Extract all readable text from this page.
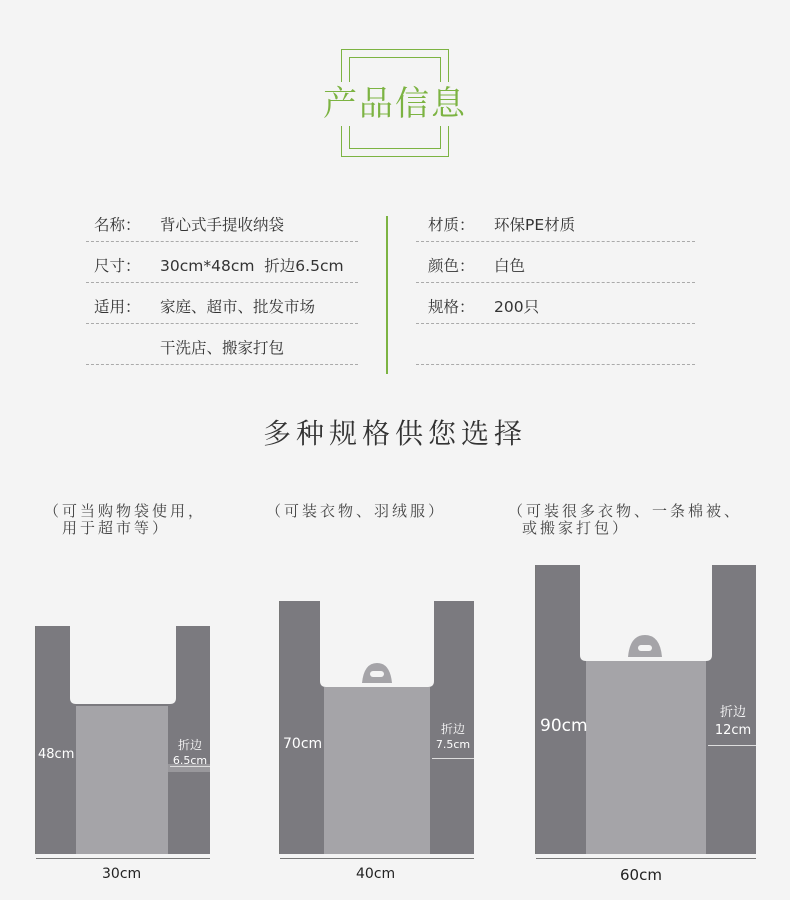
产品信息
名称： 背心式手提收纳袋
尺寸： 30cm*48cm  折边6.5cm
适用： 家庭、超市、批发市场
干洗店、搬家打包
材质： 环保PE材质
颜色： 白色
规格： 200只
多种规格供您选择
（可当购物袋使用，
用于超市等）
（可装衣物、羽绒服）	（可装很多衣物、一条棉被、
或搬家打包）
48cm
折边
6.5cm
30cm
70cm
折边
7.5cm
40cm
90cm
折边
12cm
60cm
